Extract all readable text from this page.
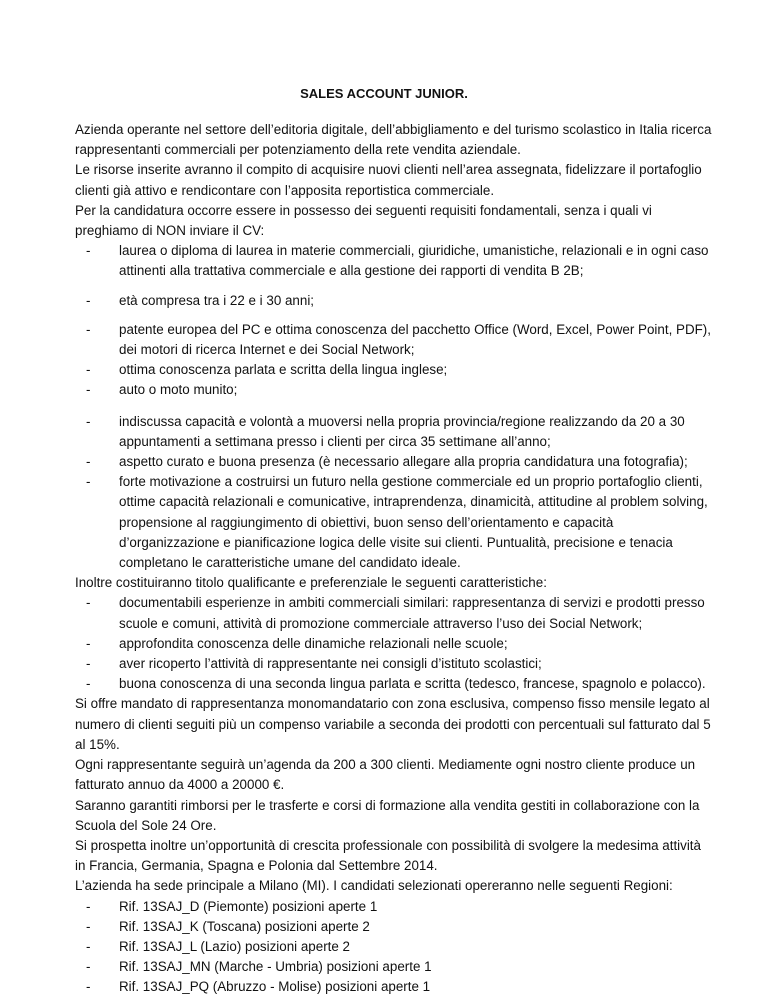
SALES ACCOUNT JUNIOR.

Azienda operante nel settore dell’editoria digitale, dell’abbigliamento e del turismo scolastico in Italia ricerca rappresentanti commerciali per potenziamento della rete vendita aziendale.

Le risorse inserite avranno il compito di acquisire nuovi clienti nell’area assegnata, fidelizzare il portafoglio clienti già attivo e rendicontare con l’apposita reportistica commerciale.

Per la candidatura occorre essere in possesso dei seguenti requisiti fondamentali, senza i quali vi preghiamo di NON inviare il CV:

- laurea o diploma di laurea in materie commerciali, giuridiche, umanistiche, relazionali e in ogni caso attinenti alla trattativa commerciale e alla gestione dei rapporti di vendita B 2B;
- età compresa tra i 22 e i 30 anni;
- patente europea del PC e ottima conoscenza del pacchetto Office (Word, Excel, Power Point, PDF), dei motori di ricerca Internet e dei Social Network;
- ottima conoscenza parlata e scritta della lingua inglese;
- auto o moto munito;
- indiscussa capacità e volontà a muoversi nella propria provincia/regione realizzando da 20 a 30 appuntamenti a settimana presso i clienti per circa 35 settimane all’anno;
- aspetto curato e buona presenza (è necessario allegare alla propria candidatura una fotografia);
- forte motivazione a costruirsi un futuro nella gestione commerciale ed un proprio portafoglio clienti, ottime capacità relazionali e comunicative, intraprendenza, dinamicità, attitudine al problem solving, propensione al raggiungimento di obiettivi, buon senso dell’orientamento e capacità d’organizzazione e pianificazione logica delle visite sui clienti. Puntualità, precisione e tenacia completano le caratteristiche umane del candidato ideale.

Inoltre costituiranno titolo qualificante e preferenziale le seguenti caratteristiche:

- documentabili esperienze in ambiti commerciali similari: rappresentanza di servizi e prodotti presso scuole e comuni, attività di promozione commerciale attraverso l’uso dei Social Network;
- approfondita conoscenza delle dinamiche relazionali nelle scuole;
- aver ricoperto l’attività di rappresentante nei consigli d’istituto scolastici;
- buona conoscenza di una seconda lingua parlata e scritta (tedesco, francese, spagnolo e polacco).

Si offre mandato di rappresentanza monomandatario con zona esclusiva, compenso fisso mensile legato al numero di clienti seguiti più un compenso variabile a seconda dei prodotti con percentuali sul fatturato dal 5 al 15%.

Ogni rappresentante seguirà un’agenda da 200 a 300 clienti. Mediamente ogni nostro cliente produce un fatturato annuo da 4000 a 20000 €.

Saranno garantiti rimborsi per le trasferte e corsi di formazione alla vendita gestiti in collaborazione con la Scuola del Sole 24 Ore.

Si prospetta inoltre un’opportunità di crescita professionale con possibilità di svolgere la medesima attività in Francia, Germania, Spagna e Polonia dal Settembre 2014.

L’azienda ha sede principale a Milano (MI). I candidati selezionati opereranno nelle seguenti Regioni:

- Rif. 13SAJ_D (Piemonte) posizioni aperte 1
- Rif. 13SAJ_K (Toscana) posizioni aperte 2
- Rif. 13SAJ_L (Lazio) posizioni aperte 2
- Rif. 13SAJ_MN (Marche - Umbria) posizioni aperte 1
- Rif. 13SAJ_PQ (Abruzzo - Molise) posizioni aperte 1
